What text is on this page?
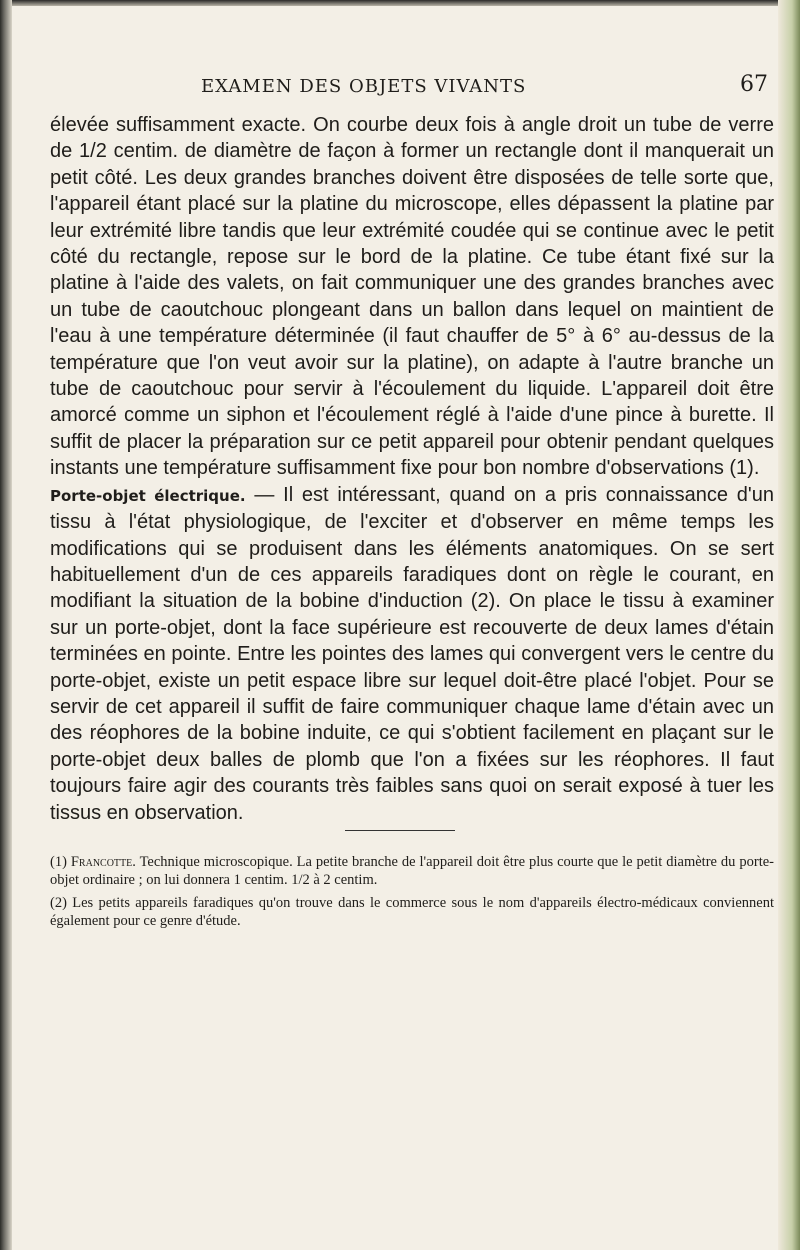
EXAMEN DES OBJETS VIVANTS	67

élevée suffisamment exacte. On courbe deux fois à angle droit un tube de verre de 1/2 centim. de diamètre de façon à former un rectangle dont il manquerait un petit côté. Les deux grandes branches doivent être disposées de telle sorte que, l'appareil étant placé sur la platine du microscope, elles dépassent la platine par leur extrémité libre tandis que leur extrémité coudée qui se continue avec le petit côté du rectangle, repose sur le bord de la platine. Ce tube étant fixé sur la platine à l'aide des valets, on fait communiquer une des grandes branches avec un tube de caoutchouc plongeant dans un ballon dans lequel on maintient de l'eau à une température déterminée (il faut chauffer de 5° à 6° au-dessus de la température que l'on veut avoir sur la platine), on adapte à l'autre branche un tube de caoutchouc pour servir à l'écoulement du liquide. L'appareil doit être amorcé comme un siphon et l'écoulement réglé à l'aide d'une pince à burette. Il suffit de placer la préparation sur ce petit appareil pour obtenir pendant quelques instants une température suffisamment fixe pour bon nombre d'observations (1).

Porte-objet électrique. — Il est intéressant, quand on a pris connaissance d'un tissu à l'état physiologique, de l'exciter et d'observer en même temps les modifications qui se produisent dans les éléments anatomiques. On se sert habituellement d'un de ces appareils faradiques dont on règle le courant, en modifiant la situation de la bobine d'induction (2). On place le tissu à examiner sur un porte-objet, dont la face supérieure est recouverte de deux lames d'étain terminées en pointe. Entre les pointes des lames qui convergent vers le centre du porte-objet, existe un petit espace libre sur lequel doit-être placé l'objet. Pour se servir de cet appareil il suffit de faire communiquer chaque lame d'étain avec un des réophores de la bobine induite, ce qui s'obtient facilement en plaçant sur le porte-objet deux balles de plomb que l'on a fixées sur les réophores. Il faut toujours faire agir des courants très faibles sans quoi on serait exposé à tuer les tissus en observation.

(1) Francotte. Technique microscopique. La petite branche de l'appareil doit être plus courte que le petit diamètre du porte-objet ordinaire ; on lui donnera 1 centim. 1/2 à 2 centim.

(2) Les petits appareils faradiques qu'on trouve dans le commerce sous le nom d'appareils électro-médicaux conviennent également pour ce genre d'étude.
